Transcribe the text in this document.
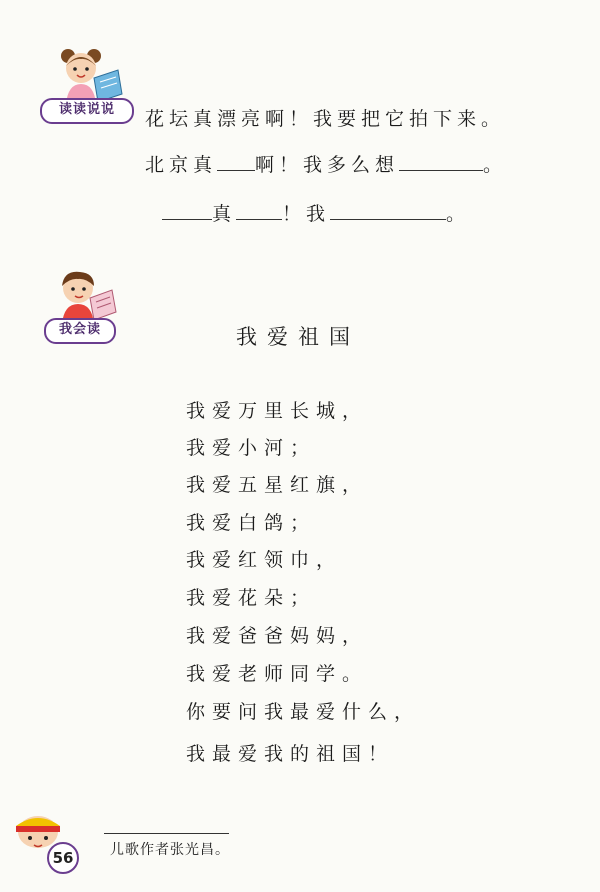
读读说说	花坛真漂亮啊！我要把它拍下来。
北京真 啊！我多么想	。
真 ！我	。
我会读	我爱祖国
我爱万里长城，
我爱小河；
我爱五星红旗，
我爱白鸽；
我爱红领巾，
我爱花朵；
我爱爸爸妈妈，
我爱老师同学。
你要问我最爱什么，
我最爱我的祖国！
56	儿歌作者张光昌。
